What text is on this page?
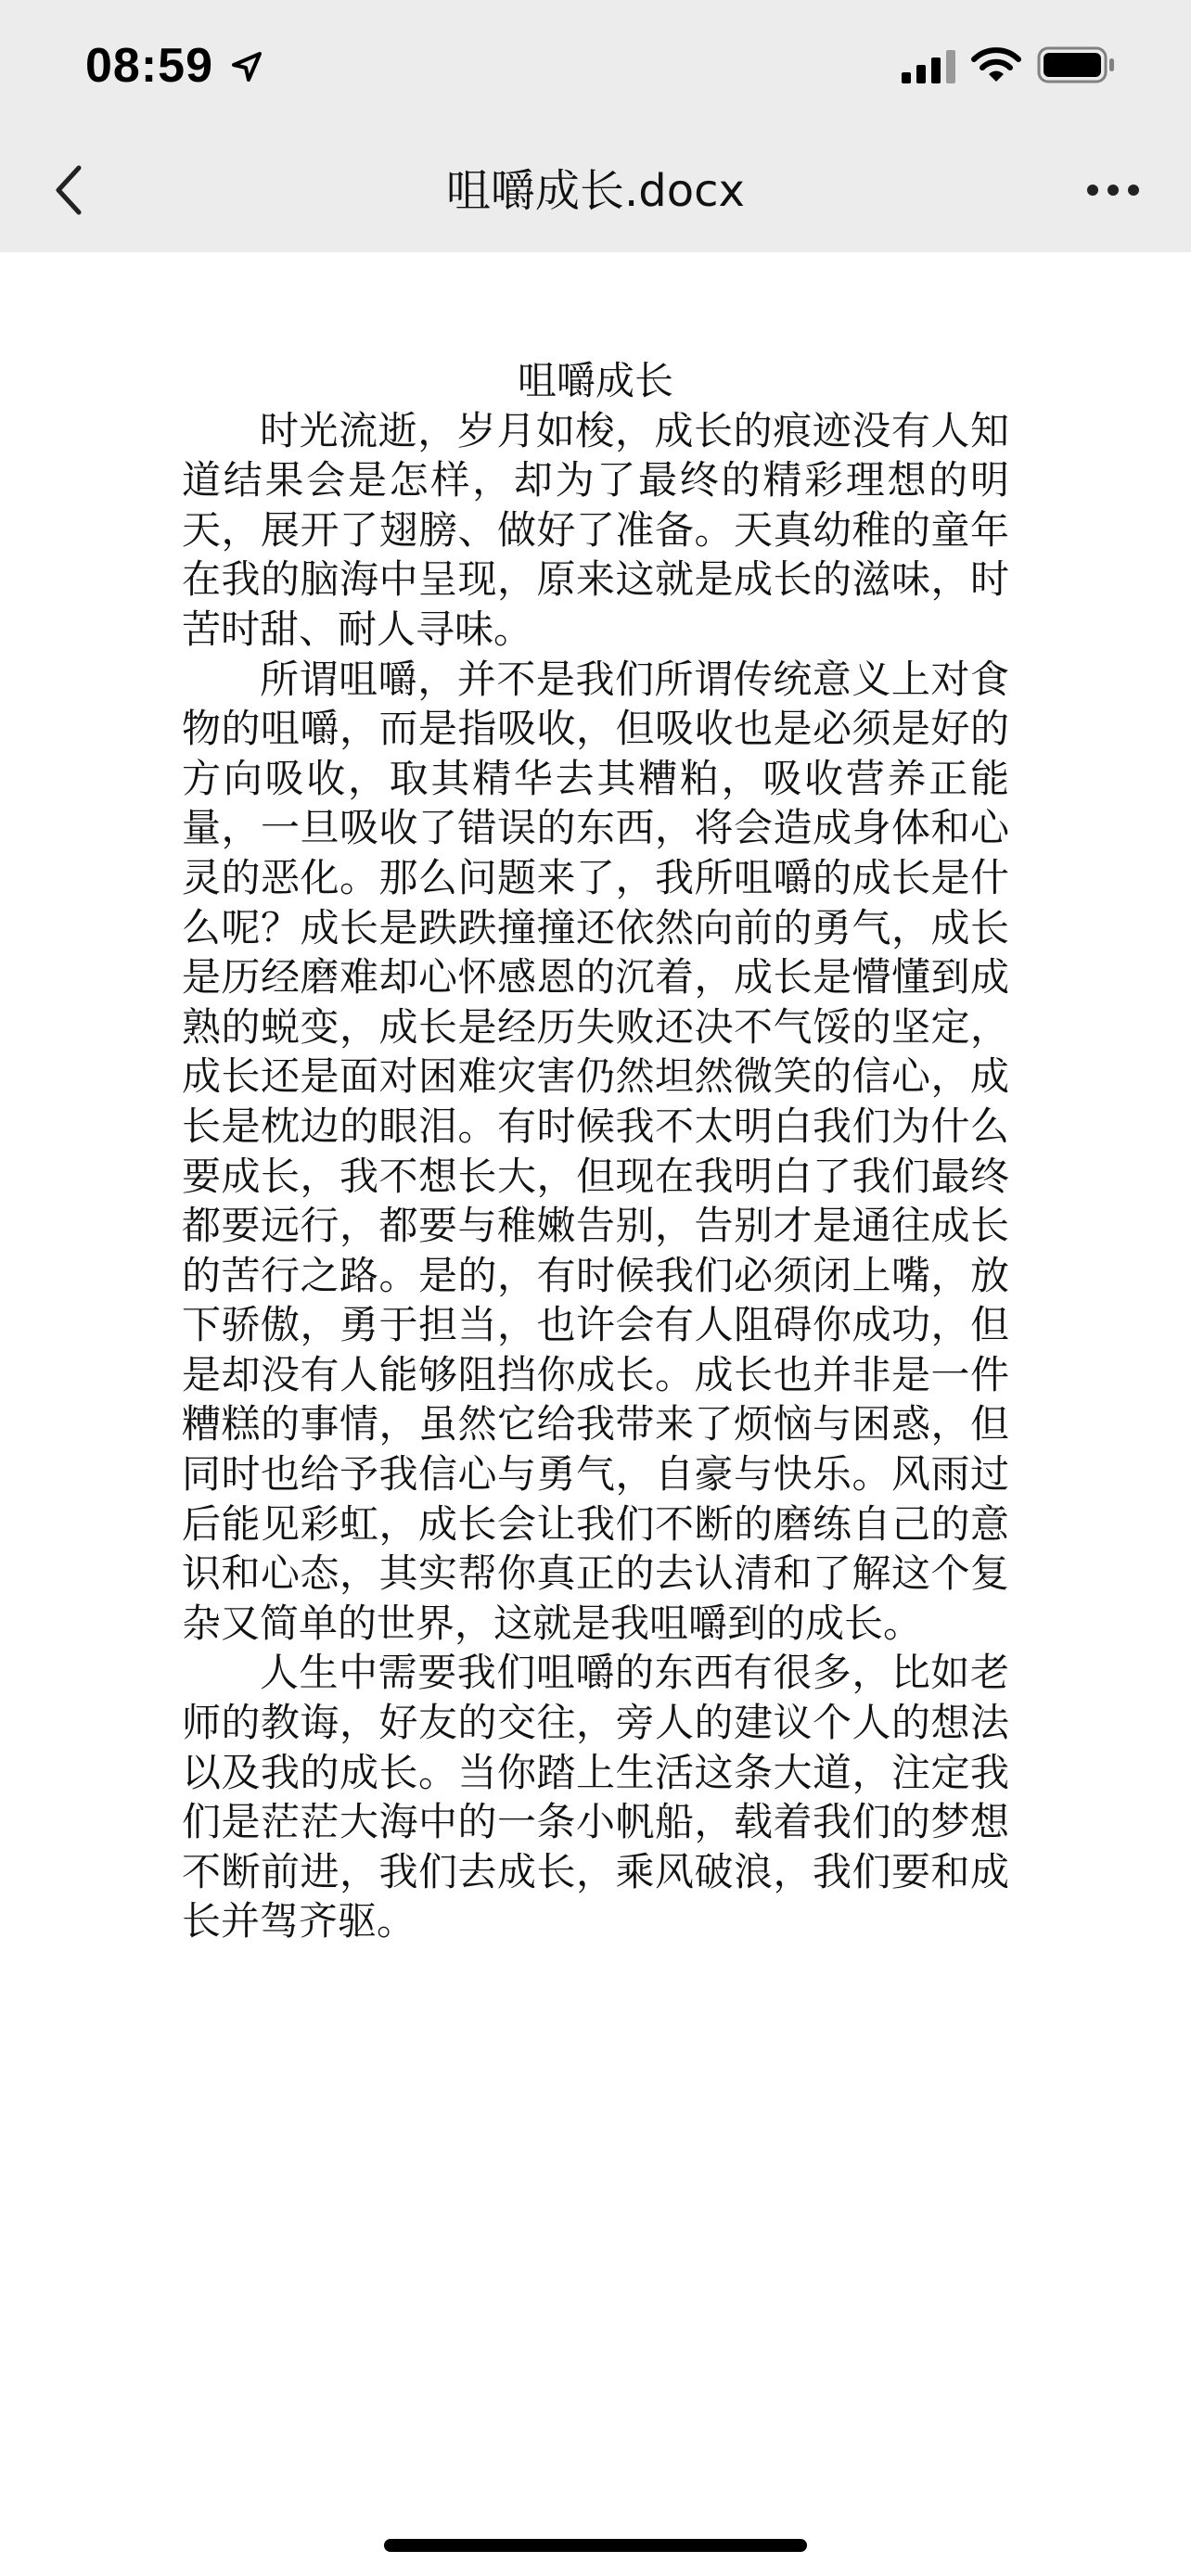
08:59
咀嚼成长.docx
咀嚼成长

时光流逝，岁月如梭，成长的痕迹没有人知道结果会是怎样，却为了最终的精彩理想的明天，展开了翅膀、做好了准备。天真幼稚的童年在我的脑海中呈现，原来这就是成长的滋味，时苦时甜、耐人寻味。

所谓咀嚼，并不是我们所谓传统意义上对食物的咀嚼，而是指吸收，但吸收也是必须是好的方向吸收，取其精华去其糟粕，吸收营养正能量，一旦吸收了错误的东西，将会造成身体和心灵的恶化。那么问题来了，我所咀嚼的成长是什么呢？成长是跌跌撞撞还依然向前的勇气，成长是历经磨难却心怀感恩的沉着，成长是懵懂到成熟的蜕变，成长是经历失败还决不气馁的坚定，成长还是面对困难灾害仍然坦然微笑的信心，成长是枕边的眼泪。有时候我不太明白我们为什么要成长，我不想长大，但现在我明白了我们最终都要远行，都要与稚嫩告别，告别才是通往成长的苦行之路。是的，有时候我们必须闭上嘴，放下骄傲，勇于担当，也许会有人阻碍你成功，但是却没有人能够阻挡你成长。成长也并非是一件糟糕的事情，虽然它给我带来了烦恼与困惑，但同时也给予我信心与勇气，自豪与快乐。风雨过后能见彩虹，成长会让我们不断的磨练自己的意识和心态，其实帮你真正的去认清和了解这个复杂又简单的世界，这就是我咀嚼到的成长。

人生中需要我们咀嚼的东西有很多，比如老师的教诲，好友的交往，旁人的建议个人的想法以及我的成长。当你踏上生活这条大道，注定我们是茫茫大海中的一条小帆船，载着我们的梦想不断前进，我们去成长，乘风破浪，我们要和成长并驾齐驱。
